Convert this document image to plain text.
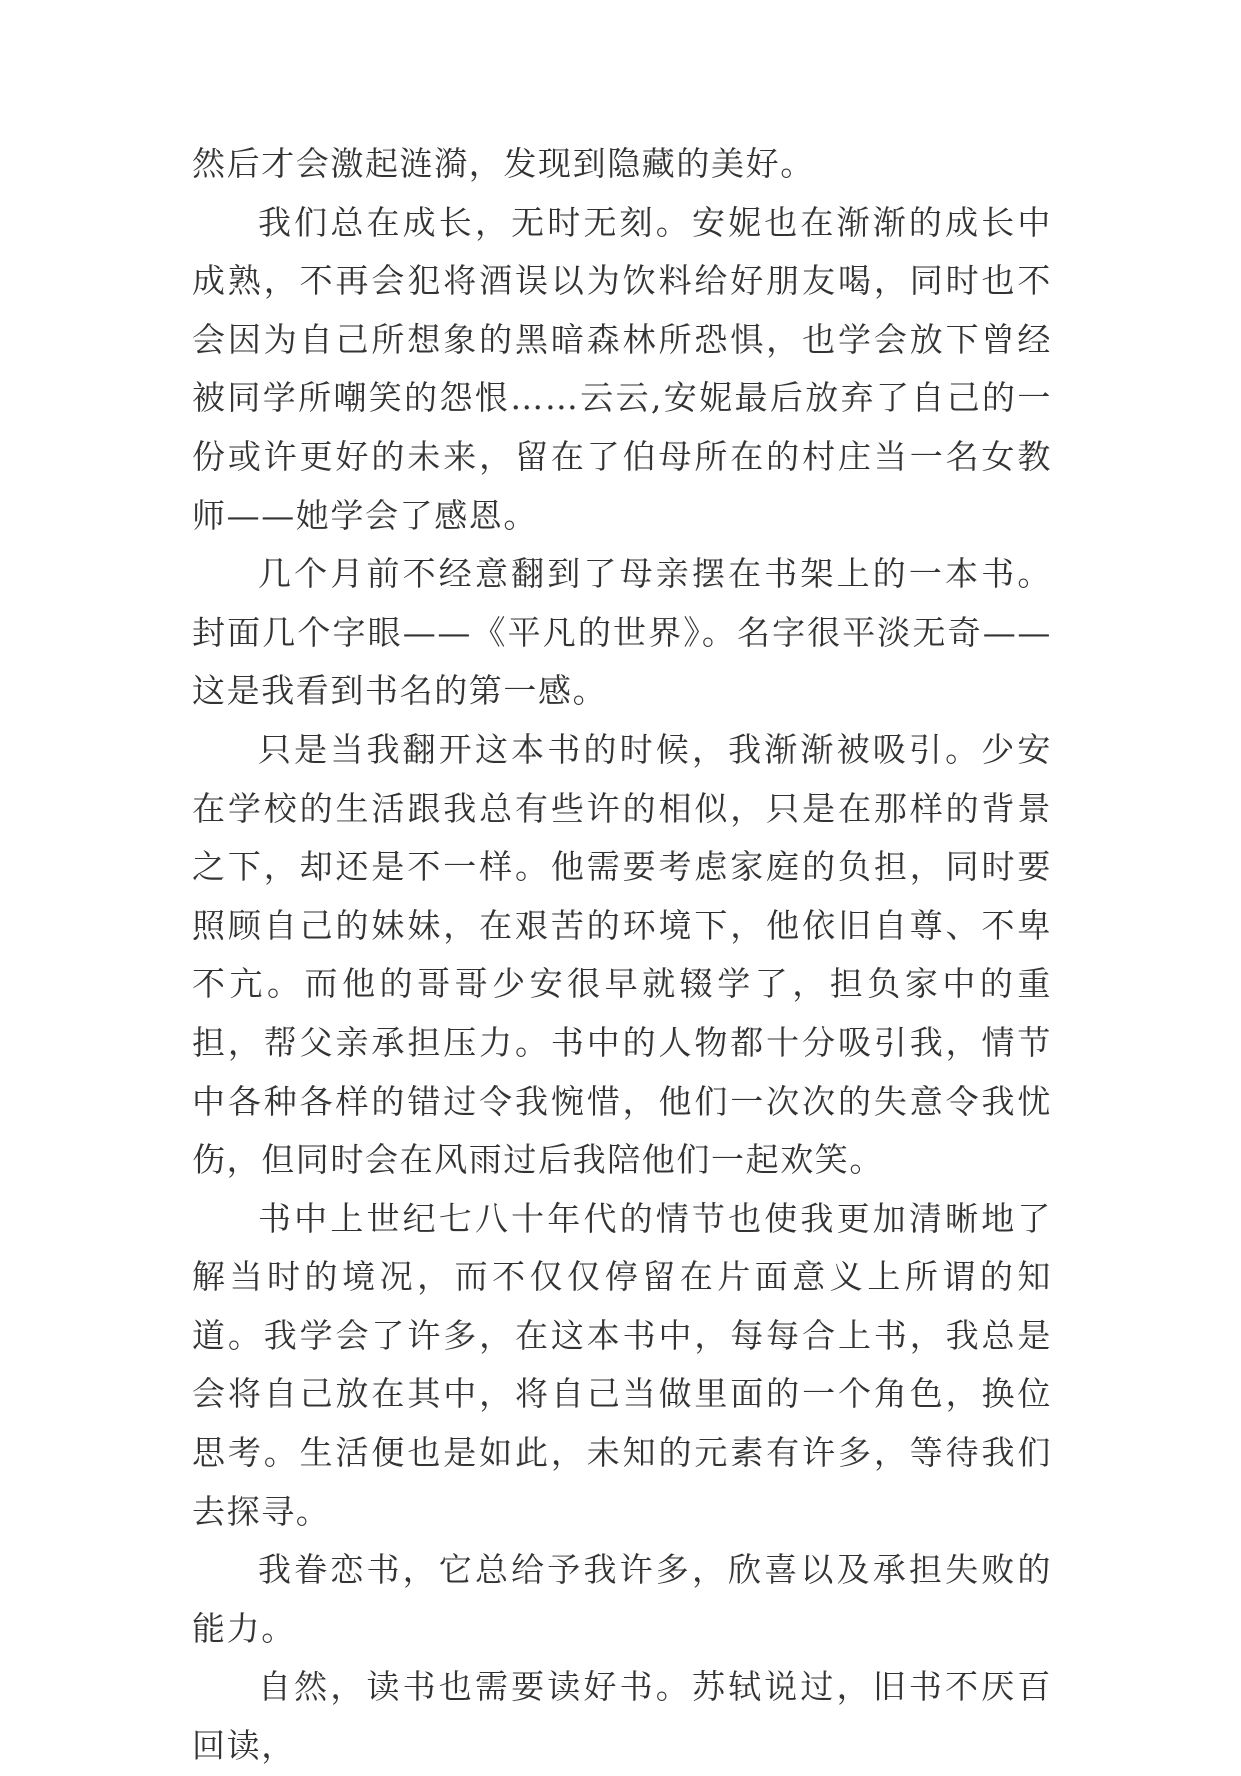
然后才会激起涟漪，发现到隐藏的美好。

我们总在成长，无时无刻。安妮也在渐渐的成长中成熟，不再会犯将酒误以为饮料给好朋友喝，同时也不会因为自己所想象的黑暗森林所恐惧，也学会放下曾经被同学所嘲笑的怨恨……云云,安妮最后放弃了自己的一份或许更好的未来，留在了伯母所在的村庄当一名女教师——她学会了感恩。

几个月前不经意翻到了母亲摆在书架上的一本书。封面几个字眼——《平凡的世界》。名字很平淡无奇——这是我看到书名的第一感。

只是当我翻开这本书的时候，我渐渐被吸引。少安在学校的生活跟我总有些许的相似，只是在那样的背景之下，却还是不一样。他需要考虑家庭的负担，同时要照顾自己的妹妹，在艰苦的环境下，他依旧自尊、不卑不亢。而他的哥哥少安很早就辍学了，担负家中的重担，帮父亲承担压力。书中的人物都十分吸引我，情节中各种各样的错过令我惋惜，他们一次次的失意令我忧伤，但同时会在风雨过后我陪他们一起欢笑。

书中上世纪七八十年代的情节也使我更加清晰地了解当时的境况，而不仅仅停留在片面意义上所谓的知道。我学会了许多，在这本书中，每每合上书，我总是会将自己放在其中，将自己当做里面的一个角色，换位思考。生活便也是如此，未知的元素有许多，等待我们去探寻。

我眷恋书，它总给予我许多，欣喜以及承担失败的能力。

自然，读书也需要读好书。苏轼说过，旧书不厌百回读，
